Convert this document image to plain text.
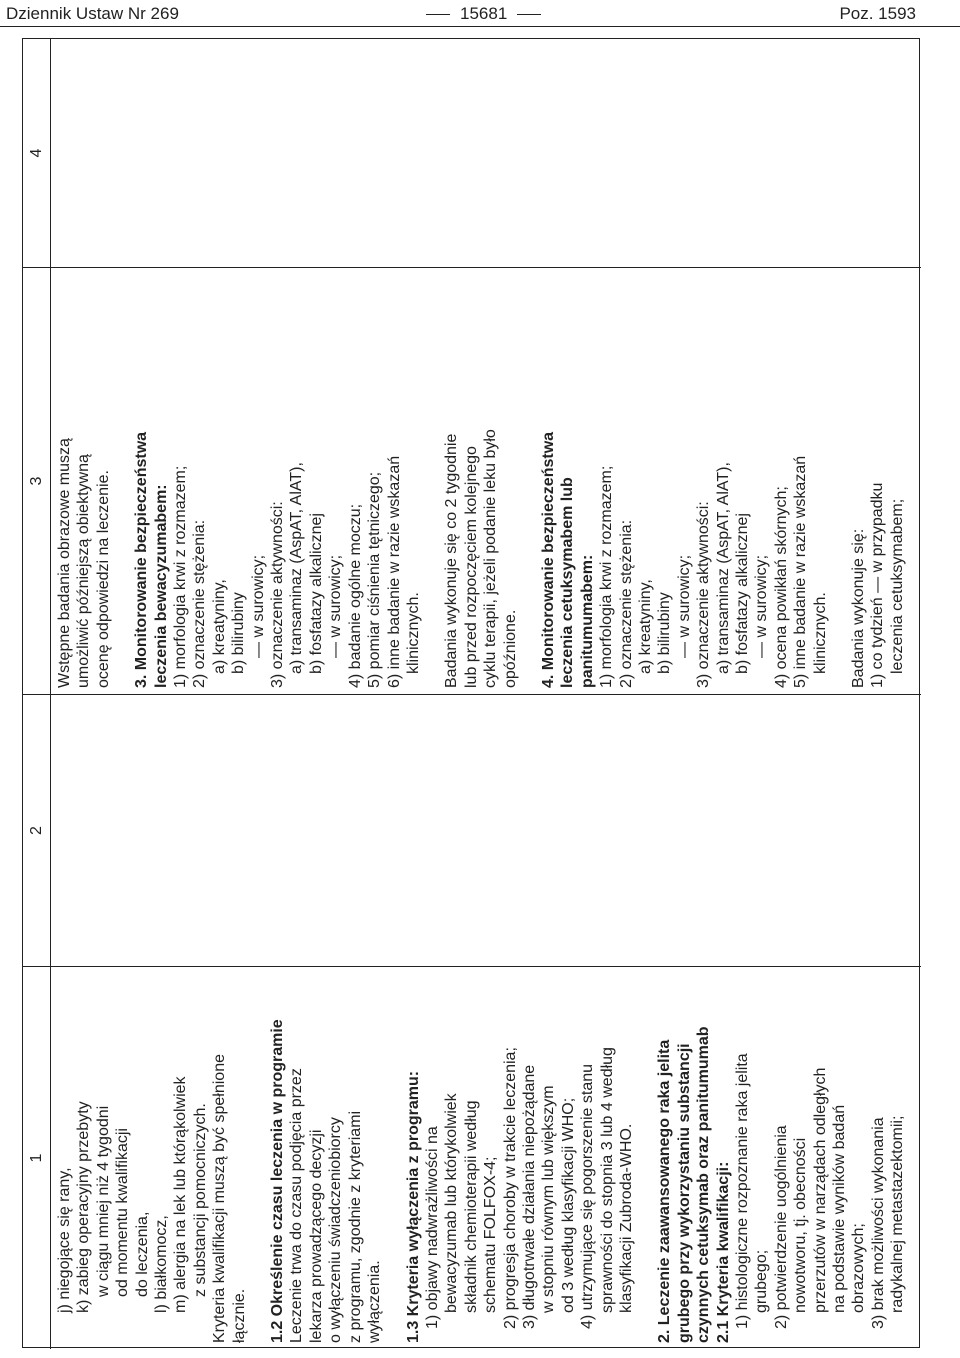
Dziennik Ustaw Nr 269	15681	Poz. 1593
1
2
3
4

j) niegojące się rany, k) zabieg operacyjny przebyty w ciągu mniej niż 4 tygodni od momentu kwalifikacji do leczenia, l) białkomocz, m) alergia na lek lub którąkolwiek z substancji pomocniczych. Kryteria kwalifikacji muszą być spełnione łącznie. 1.2 Określenie czasu leczenia w programie Leczenie trwa do czasu podjęcia przez lekarza prowadzącego decyzji o wyłączeniu świadczeniobiorcy z programu, zgodnie z kryteriami wyłączenia. 1.3 Kryteria wyłączenia z programu: 1) objawy nadwrażliwości na bewacyzumab lub którykolwiek składnik chemioterapii według schematu FOLFOX-4; 2) progresja choroby w trakcie leczenia; 3) długotrwałe działania niepożądane w stopniu równym lub większym od 3 według klasyfikacji WHO; 4) utrzymujące się pogorszenie stanu sprawności do stopnia 3 lub 4 według klasyfikacji Zubroda-WHO. 2. Leczenie zaawansowanego raka jelita grubego przy wykorzystaniu substancji czynnych cetuksymab oraz panitumumab 2.1 Kryteria kwalifikacji: 1) histologiczne rozpoznanie raka jelita grubego; 2) potwierdzenie uogólnienia nowotworu, tj. obecności przerzutów w narządach odległych na podstawie wyników badań obrazowych; 3) brak możliwości wykonania radykalnej metastazektomii;

Wstępne badania obrazowe muszą umożliwić późniejszą obiektywną ocenę odpowiedzi na leczenie. 3. Monitorowanie bezpieczeństwa leczenia bewacyzumabem: 1) morfologia krwi z rozmazem; 2) oznaczenie stężenia: a) kreatyniny, b) bilirubiny — w surowicy; 3) oznaczenie aktywności: a) transaminaz (AspAT, AlAT), b) fosfatazy alkalicznej — w surowicy; 4) badanie ogólne moczu; 5) pomiar ciśnienia tętniczego; 6) inne badanie w razie wskazań klinicznych. Badania wykonuje się co 2 tygodnie lub przed rozpoczęciem kolejnego cyklu terapii, jeżeli podanie leku było opóźnione. 4. Monitorowanie bezpieczeństwa leczenia cetuksymabem lub panitumumabem: 1) morfologia krwi z rozmazem; 2) oznaczenie stężenia: a) kreatyniny, b) bilirubiny — w surowicy; 3) oznaczenie aktywności: a) transaminaz (AspAT, AlAT), b) fosfatazy alkalicznej — w surowicy; 4) ocena powikłań skórnych; 5) inne badanie w razie wskazań klinicznych. Badania wykonuje się: 1) co tydzień — w przypadku leczenia cetuksymabem;
